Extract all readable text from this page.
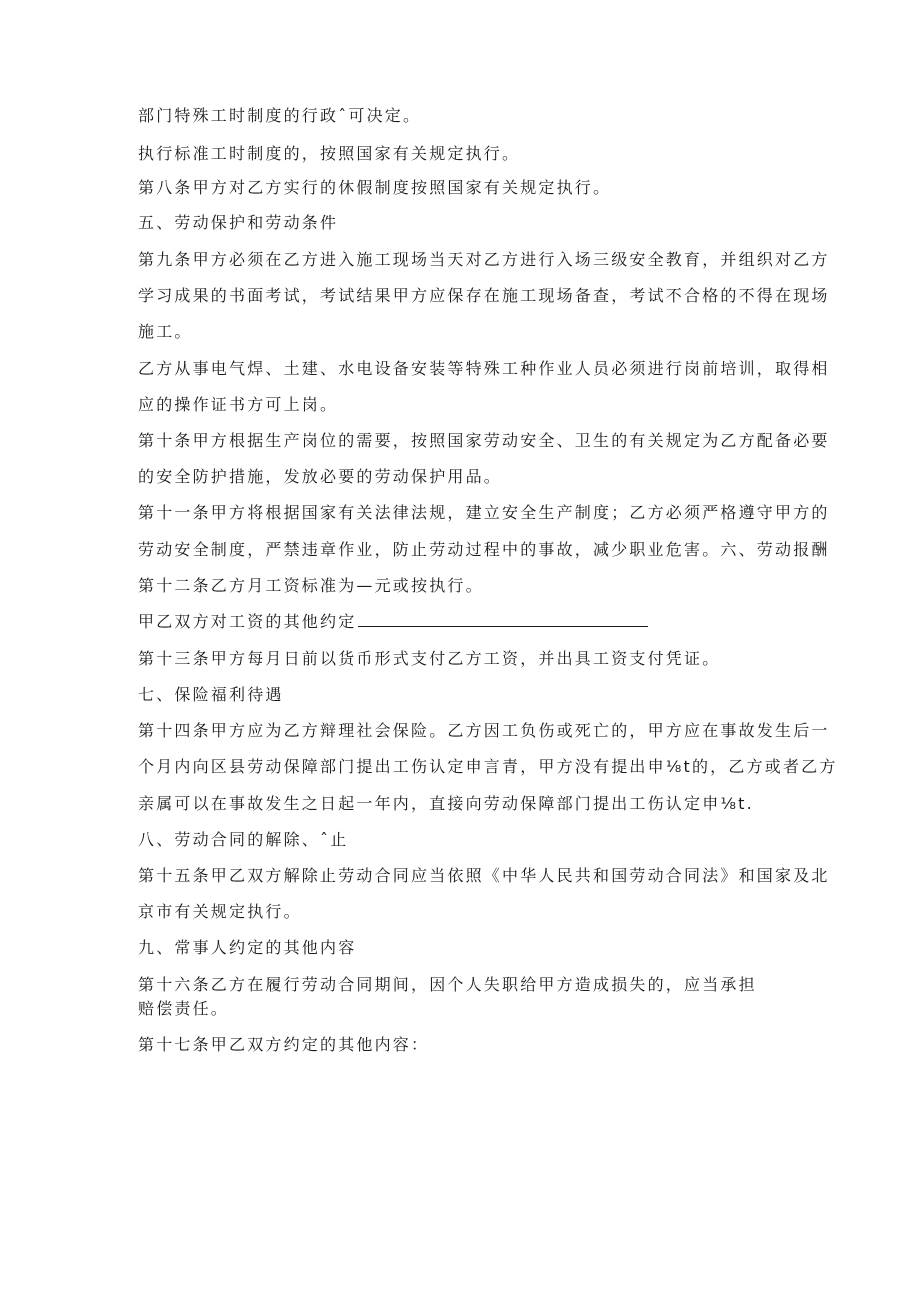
部门特殊工时制度的行政ˆ可决定。
执行标准工时制度的，按照国家有关规定执行。
第八条甲方对乙方实行的休假制度按照国家有关规定执行。
五、劳动保护和劳动条件
第九条甲方必须在乙方进入施工现场当天对乙方进行入场三级安全教育，并组织对乙方
学习成果的书面考试，考试结果甲方应保存在施工现场备查，考试不合格的不得在现场
施工。
乙方从事电气焊、土建、水电设备安装等特殊工种作业人员必须进行岗前培训，取得相
应的操作证书方可上岗。
第十条甲方根据生产岗位的需要，按照国家劳动安全、卫生的有关规定为乙方配备必要
的安全防护措施，发放必要的劳动保护用品。
第十一条甲方将根据国家有关法律法规，建立安全生产制度；乙方必须严格遵守甲方的
劳动安全制度，严禁违章作业，防止劳动过程中的事故，减少职业危害。六、劳动报酬
第十二条乙方月工资标准为—元或按执行。
甲乙双方对工资的其他约定
第十三条甲方每月日前以货币形式支付乙方工资，并出具工资支付凭证。
七、保险福利待遇
第十四条甲方应为乙方辩理社会保险。乙方因工负伤或死亡的，甲方应在事故发生后一
个月内向区县劳动保障部门提出工伤认定申言青，甲方没有提出申⅛t的，乙方或者乙方
亲属可以在事故发生之日起一年内，直接向劳动保障部门提出工伤认定申⅛t.
八、劳动合同的解除、ˆ止
第十五条甲乙双方解除止劳动合同应当依照《中华人民共和国劳动合同法》和国家及北
京市有关规定执行。
九、常事人约定的其他内容
第十六条乙方在履行劳动合同期间，因个人失职给甲方造成损失的，应当承担
赔偿责任。
第十七条甲乙双方约定的其他内容：
